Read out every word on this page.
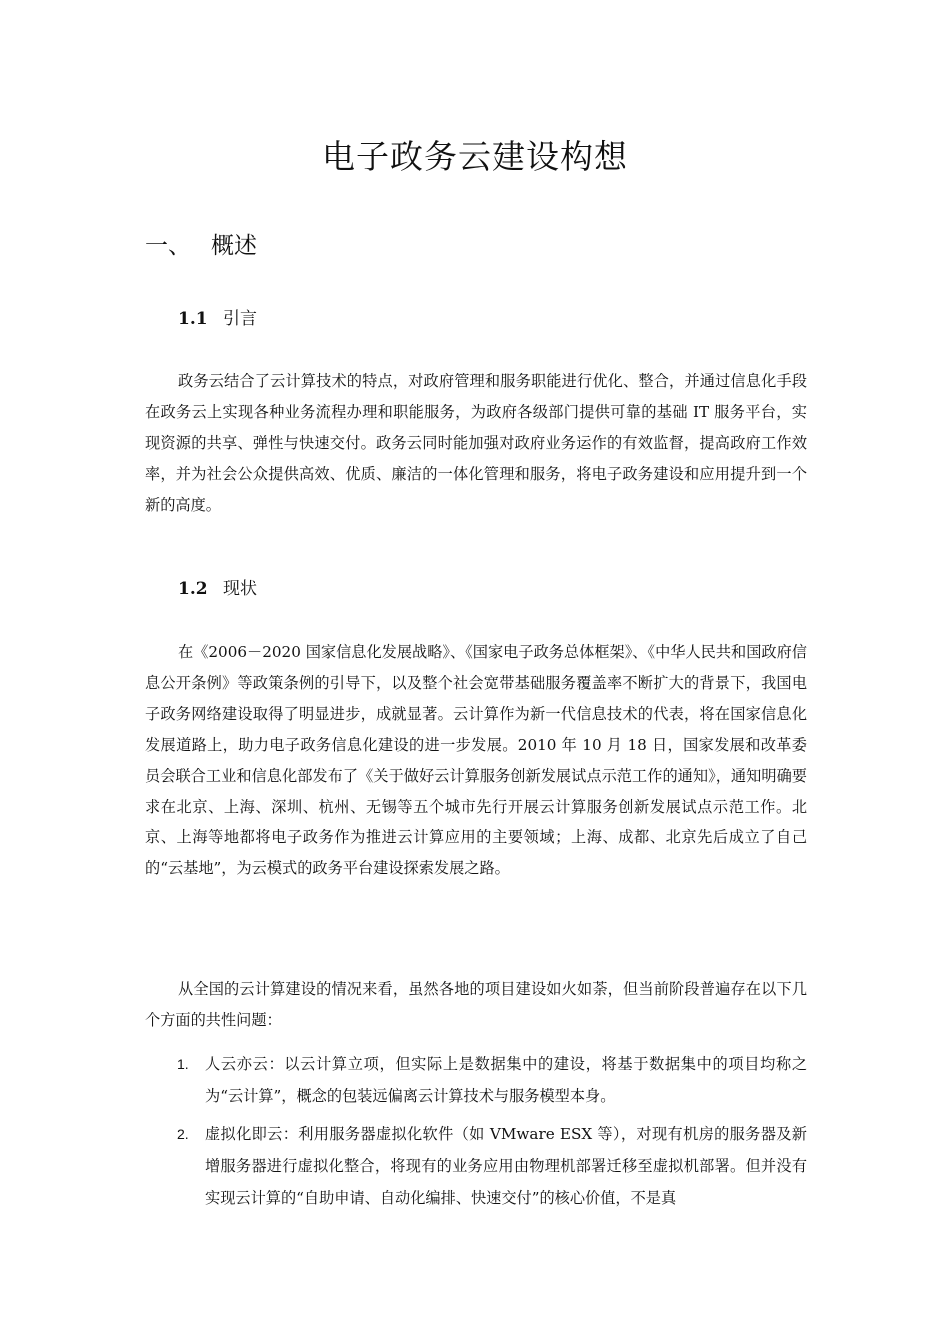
电子政务云建设构想
一、 概述
1.1 引言

政务云结合了云计算技术的特点，对政府管理和服务职能进行优化、整合，并通过信息化手段在政务云上实现各种业务流程办理和职能服务，为政府各级部门提供可靠的基础 IT 服务平台，实现资源的共享、弹性与快速交付。政务云同时能加强对政府业务运作的有效监督，提高政府工作效率，并为社会公众提供高效、优质、廉洁的一体化管理和服务，将电子政务建设和应用提升到一个新的高度。

1.2 现状

在《2006－2020 国家信息化发展战略》、《国家电子政务总体框架》、《中华人民共和国政府信息公开条例》等政策条例的引导下，以及整个社会宽带基础服务覆盖率不断扩大的背景下，我国电子政务网络建设取得了明显进步，成就显著。云计算作为新一代信息技术的代表，将在国家信息化发展道路上，助力电子政务信息化建设的进一步发展。2010 年 10 月 18 日，国家发展和改革委员会联合工业和信息化部发布了《关于做好云计算服务创新发展试点示范工作的通知》，通知明确要求在北京、上海、深圳、杭州、无锡等五个城市先行开展云计算服务创新发展试点示范工作。北京、上海等地都将电子政务作为推进云计算应用的主要领域；上海、成都、北京先后成立了自己的“云基地”，为云模式的政务平台建设探索发展之路。

从全国的云计算建设的情况来看，虽然各地的项目建设如火如荼，但当前阶段普遍存在以下几个方面的共性问题：

1. 人云亦云：以云计算立项，但实际上是数据集中的建设，将基于数据集中的项目均称之为“云计算”，概念的包装远偏离云计算技术与服务模型本身。
2. 虚拟化即云：利用服务器虚拟化软件（如 VMware ESX 等），对现有机房的服务器及新增服务器进行虚拟化整合，将现有的业务应用由物理机部署迁移至虚拟机部署。但并没有实现云计算的“自助申请、自动化编排、快速交付”的核心价值，不是真
